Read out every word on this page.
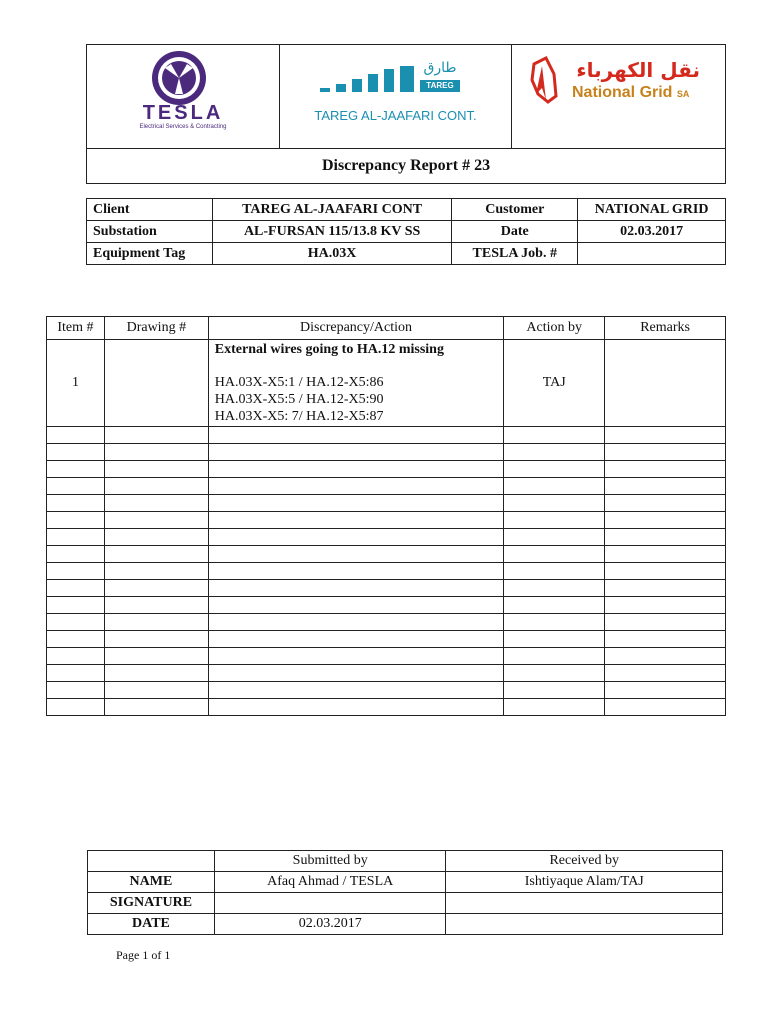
TESLA
Electrical Services & Contracting
طارق
TAREG
TAREG AL-JAAFARI CONT.
نقل الكهرباء
National Grid SA
Discrepancy Report # 23
Client	TAREG AL-JAAFARI CONT	Customer	NATIONAL GRID
Substation	AL-FURSAN 115/13.8 KV SS	Date	02.03.2017
Equipment Tag	HA.03X	TESLA Job. #	
Item #	Drawing #	Discrepancy/Action	Action by	Remarks
1		External wires going to HA.12 missing
HA.03X-X5:1 / HA.12-X5:86
HA.03X-X5:5 / HA.12-X5:90
HA.03X-X5: 7/ HA.12-X5:87	TAJ	

	Submitted by	Received by
NAME	Afaq Ahmad / TESLA	Ishtiyaque Alam/TAJ
SIGNATURE		
DATE	02.03.2017	
Page 1 of 1
